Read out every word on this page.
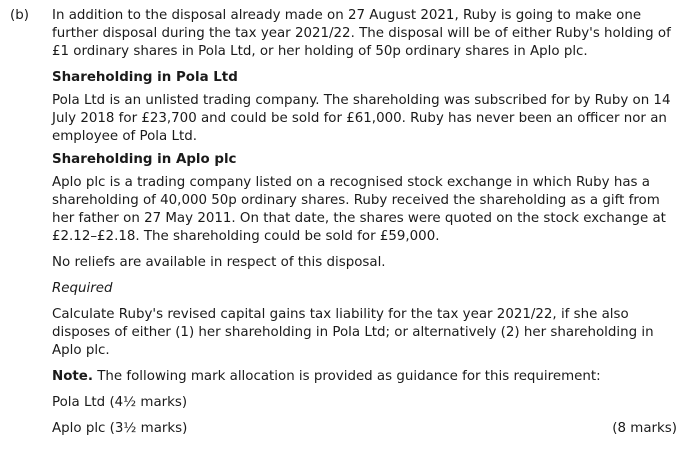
(b) In addition to the disposal already made on 27 August 2021, Ruby is going to make one further disposal during the tax year 2021/22. The disposal will be of either Ruby's holding of £1 ordinary shares in Pola Ltd, or her holding of 50p ordinary shares in Aplo plc.

Shareholding in Pola Ltd

Pola Ltd is an unlisted trading company. The shareholding was subscribed for by Ruby on 14 July 2018 for £23,700 and could be sold for £61,000. Ruby has never been an officer nor an employee of Pola Ltd.

Shareholding in Aplo plc

Aplo plc is a trading company listed on a recognised stock exchange in which Ruby has a shareholding of 40,000 50p ordinary shares. Ruby received the shareholding as a gift from her father on 27 May 2011. On that date, the shares were quoted on the stock exchange at £2.12–£2.18. The shareholding could be sold for £59,000.

No reliefs are available in respect of this disposal.

Required

Calculate Ruby's revised capital gains tax liability for the tax year 2021/22, if she also disposes of either (1) her shareholding in Pola Ltd; or alternatively (2) her shareholding in Aplo plc.

Note. The following mark allocation is provided as guidance for this requirement:

Pola Ltd (4½ marks)

Aplo plc (3½ marks)	(8 marks)
